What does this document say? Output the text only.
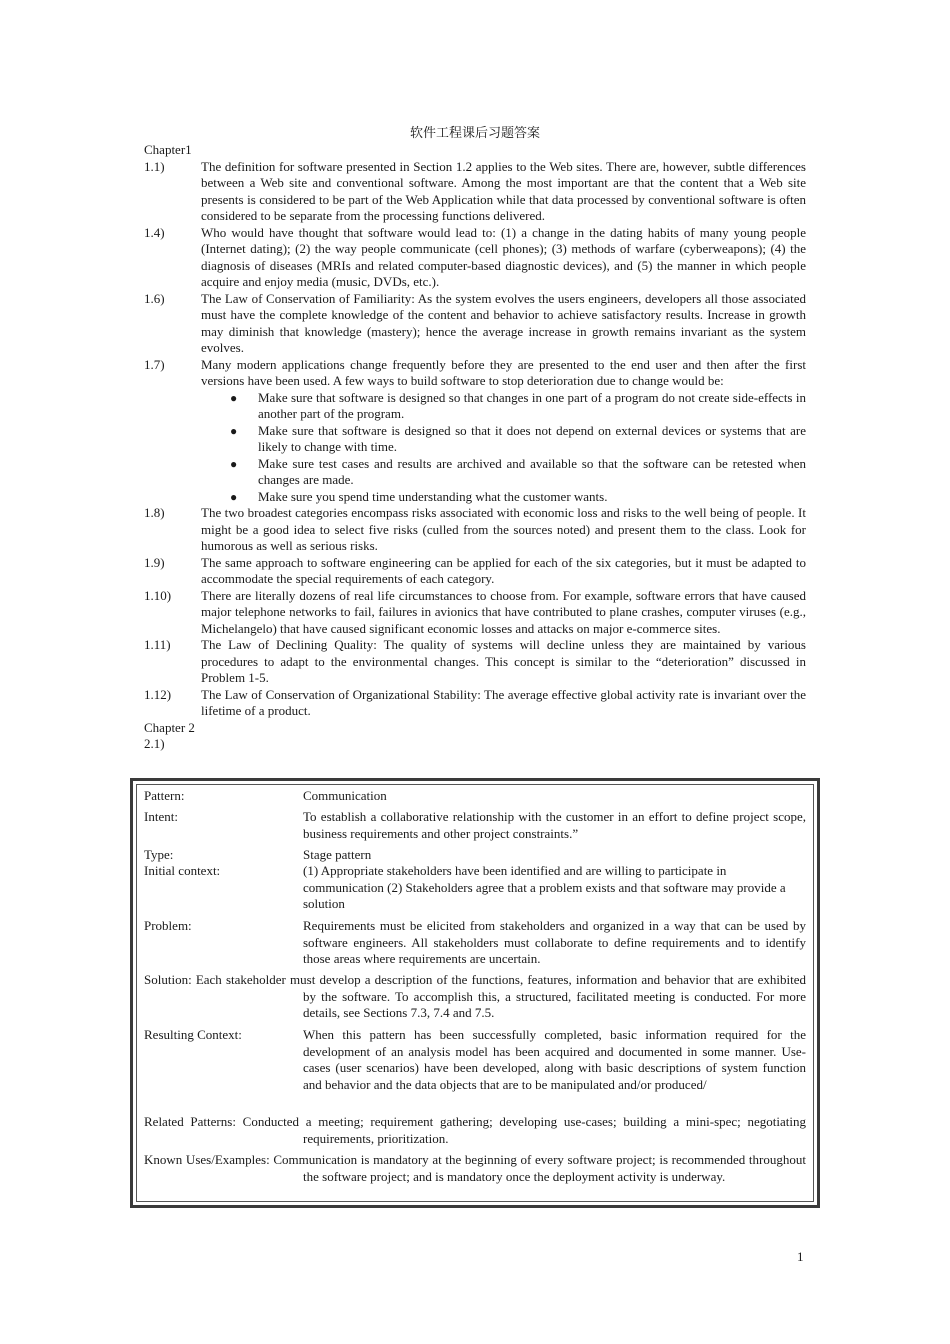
软件工程课后习题答案
Chapter1
1.1)	The definition for software presented in Section 1.2 applies to the Web sites. There are, however, subtle differences between a Web site and conventional software. Among the most important are that the content that a Web site presents is considered to be part of the Web Application while that data processed by conventional software is often considered to be separate from the processing functions delivered.
1.4)	Who would have thought that software would lead to: (1) a change in the dating habits of many young people (Internet dating); (2) the way people communicate (cell phones); (3) methods of warfare (cyberweapons); (4) the diagnosis of diseases (MRIs and related computer-based diagnostic devices), and (5) the manner in which people acquire and enjoy media (music, DVDs, etc.).
1.6)	The Law of Conservation of Familiarity: As the system evolves the users engineers, developers all those associated must have the complete knowledge of the content and behavior to achieve satisfactory results. Increase in growth may diminish that knowledge (mastery); hence the average increase in growth remains invariant as the system evolves.
1.7)	Many modern applications change frequently before they are presented to the end user and then after the first versions have been used. A few ways to build software to stop deterioration due to change would be:
● Make sure that software is designed so that changes in one part of a program do not create side-effects in another part of the program.
● Make sure that software is designed so that it does not depend on external devices or systems that are likely to change with time.
● Make sure test cases and results are archived and available so that the software can be retested when changes are made.
● Make sure you spend time understanding what the customer wants.
1.8)	The two broadest categories encompass risks associated with economic loss and risks to the well being of people. It might be a good idea to select five risks (culled from the sources noted) and present them to the class. Look for humorous as well as serious risks.
1.9)	The same approach to software engineering can be applied for each of the six categories, but it must be adapted to accommodate the special requirements of each category.
1.10) There are literally dozens of real life circumstances to choose from. For example, software errors that have caused major telephone networks to fail, failures in avionics that have contributed to plane crashes, computer viruses (e.g., Michelangelo) that have caused significant economic losses and attacks on major e-commerce sites.
1.11) The Law of Declining Quality: The quality of systems will decline unless they are maintained by various procedures to adapt to the environmental changes. This concept is similar to the “deterioration” discussed in Problem 1-5.
1.12) The Law of Conservation of Organizational Stability: The average effective global activity rate is invariant over the lifetime of a product.
Chapter 2
2.1)
Pattern:	Communication
Intent:	To establish a collaborative relationship with the customer in an effort to define project scope, business requirements and other project constraints.”
Type:	Stage pattern
Initial context:	(1) Appropriate stakeholders have been identified and are willing to participate in communication (2) Stakeholders agree that a problem exists and that software may provide a solution
Problem:	Requirements must be elicited from stakeholders and organized in a way that can be used by software engineers. All stakeholders must collaborate to define requirements and to identify those areas where requirements are uncertain.
Solution: Each stakeholder must develop a description of the functions, features, information and behavior that are exhibited by the software. To accomplish this, a structured, facilitated meeting is conducted. For more details, see Sections 7.3, 7.4 and 7.5.
Resulting Context:	When this pattern has been successfully completed, basic information required for the development of an analysis model has been acquired and documented in some manner. Use-cases (user scenarios) have been developed, along with basic descriptions of system function and behavior and the data objects that are to be manipulated and/or produced/
Related Patterns: Conducted a meeting; requirement gathering; developing use-cases; building a mini-spec; negotiating requirements, prioritization.
Known Uses/Examples: Communication is mandatory at the beginning of every software project; is recommended throughout the software project; and is mandatory once the deployment activity is underway.
1
